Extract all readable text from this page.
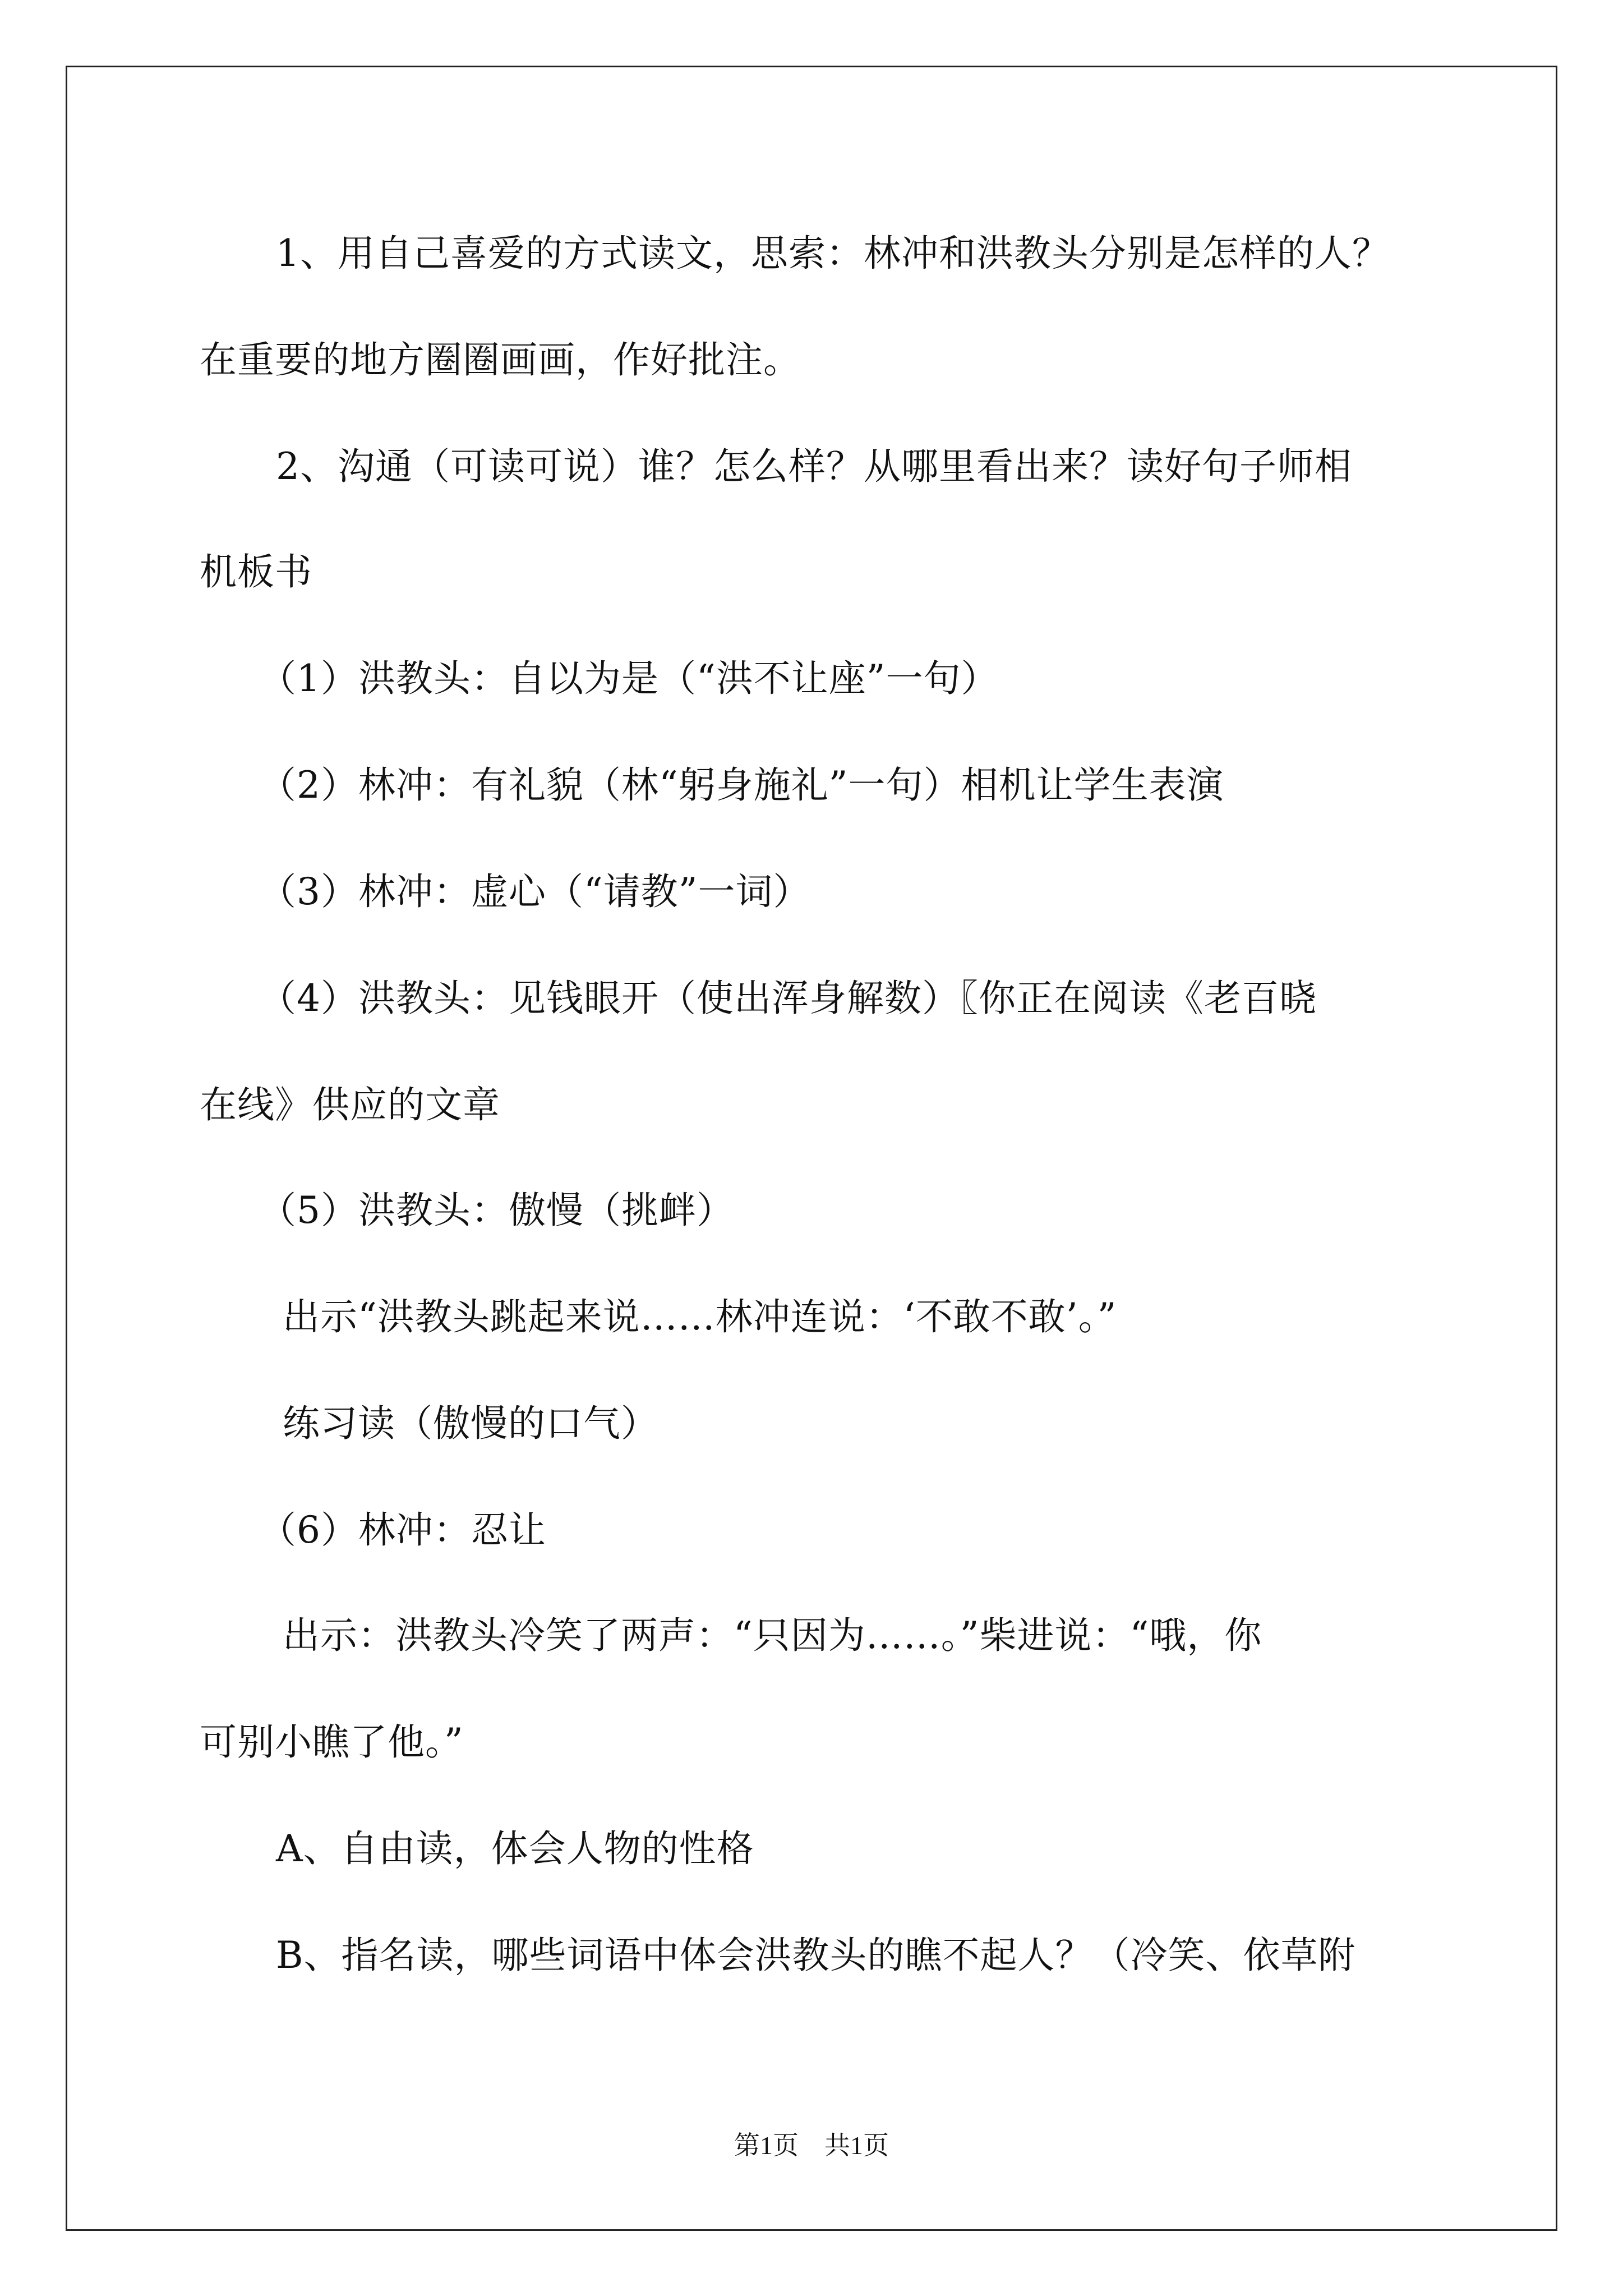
1、用自己喜爱的方式读文，思索：林冲和洪教头分别是怎样的人？
在重要的地方圈圈画画，作好批注。
2、沟通（可读可说）谁？怎么样？从哪里看出来？读好句子师相
机板书
（1）洪教头：自以为是（“洪不让座”一句）
（2）林冲：有礼貌（林“躬身施礼”一句）相机让学生表演
（3）林冲：虚心（“请教”一词）
（4）洪教头：见钱眼开（使出浑身解数）〖你正在阅读《老百晓
在线》供应的文章
（5）洪教头：傲慢（挑衅）
出示“洪教头跳起来说……林冲连说：‘不敢不敢’。”
练习读（傲慢的口气）
（6）林冲：忍让
出示：洪教头冷笑了两声：“只因为……。”柴进说：“哦，你
可别小瞧了他。”
A、自由读，体会人物的性格
B、指名读，哪些词语中体会洪教头的瞧不起人？（冷笑、依草附
第1页　共1页
